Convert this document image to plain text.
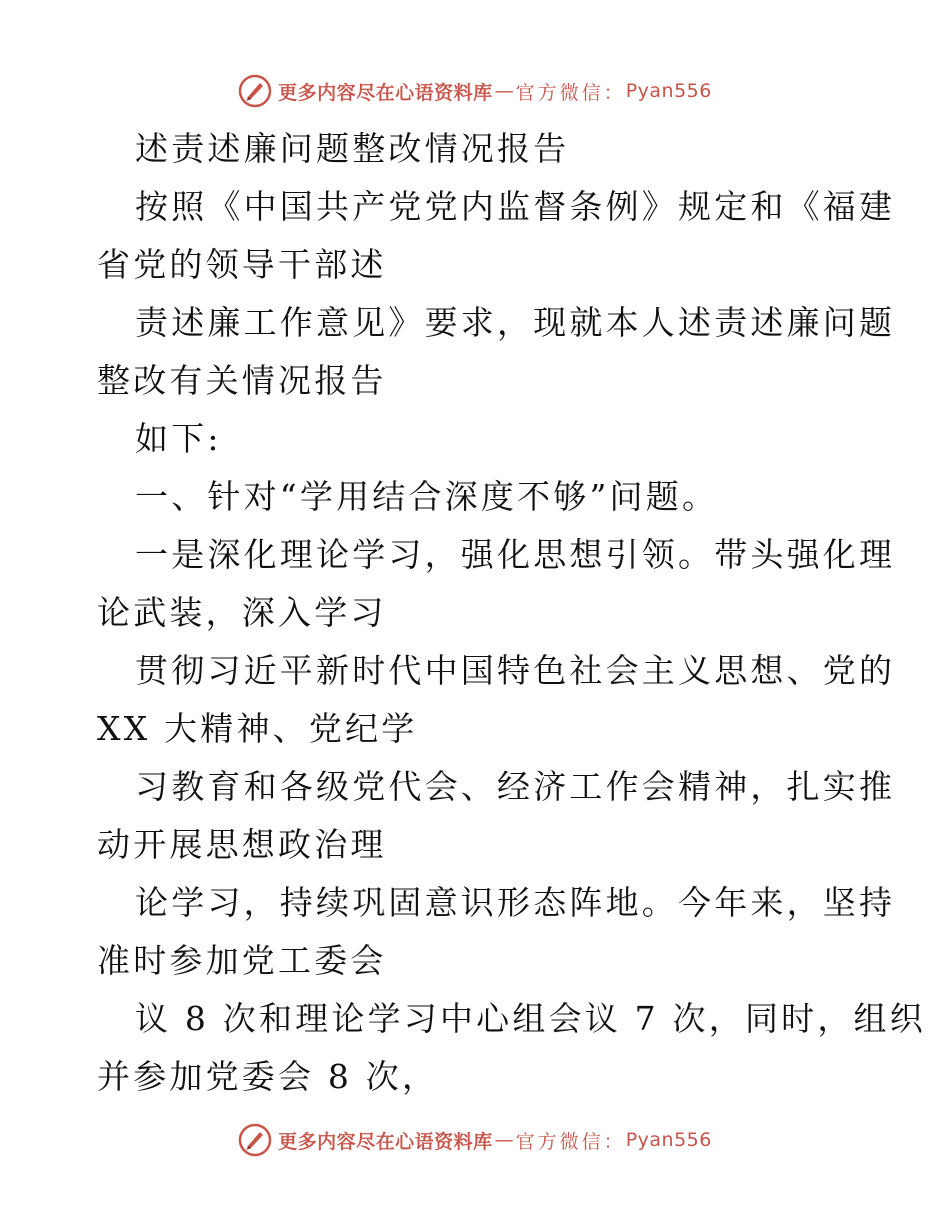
更多内容尽在心语资料库 — 官方微信： Pyan556
述责述廉问题整改情况报告
按照《中国共产党党内监督条例》规定和《福建
省党的领导干部述
责述廉工作意见》要求，现就本人述责述廉问题
整改有关情况报告
如下:
一、针对“学用结合深度不够”问题。
一是深化理论学习，强化思想引领。带头强化理
论武装，深入学习
贯彻习近平新时代中国特色社会主义思想、党的
XX 大精神、党纪学
习教育和各级党代会、经济工作会精神，扎实推
动开展思想政治理
论学习，持续巩固意识形态阵地。今年来，坚持
准时参加党工委会
议 8 次和理论学习中心组会议 7 次，同时，组织
并参加党委会 8 次，
更多内容尽在心语资料库 — 官方微信： Pyan556
